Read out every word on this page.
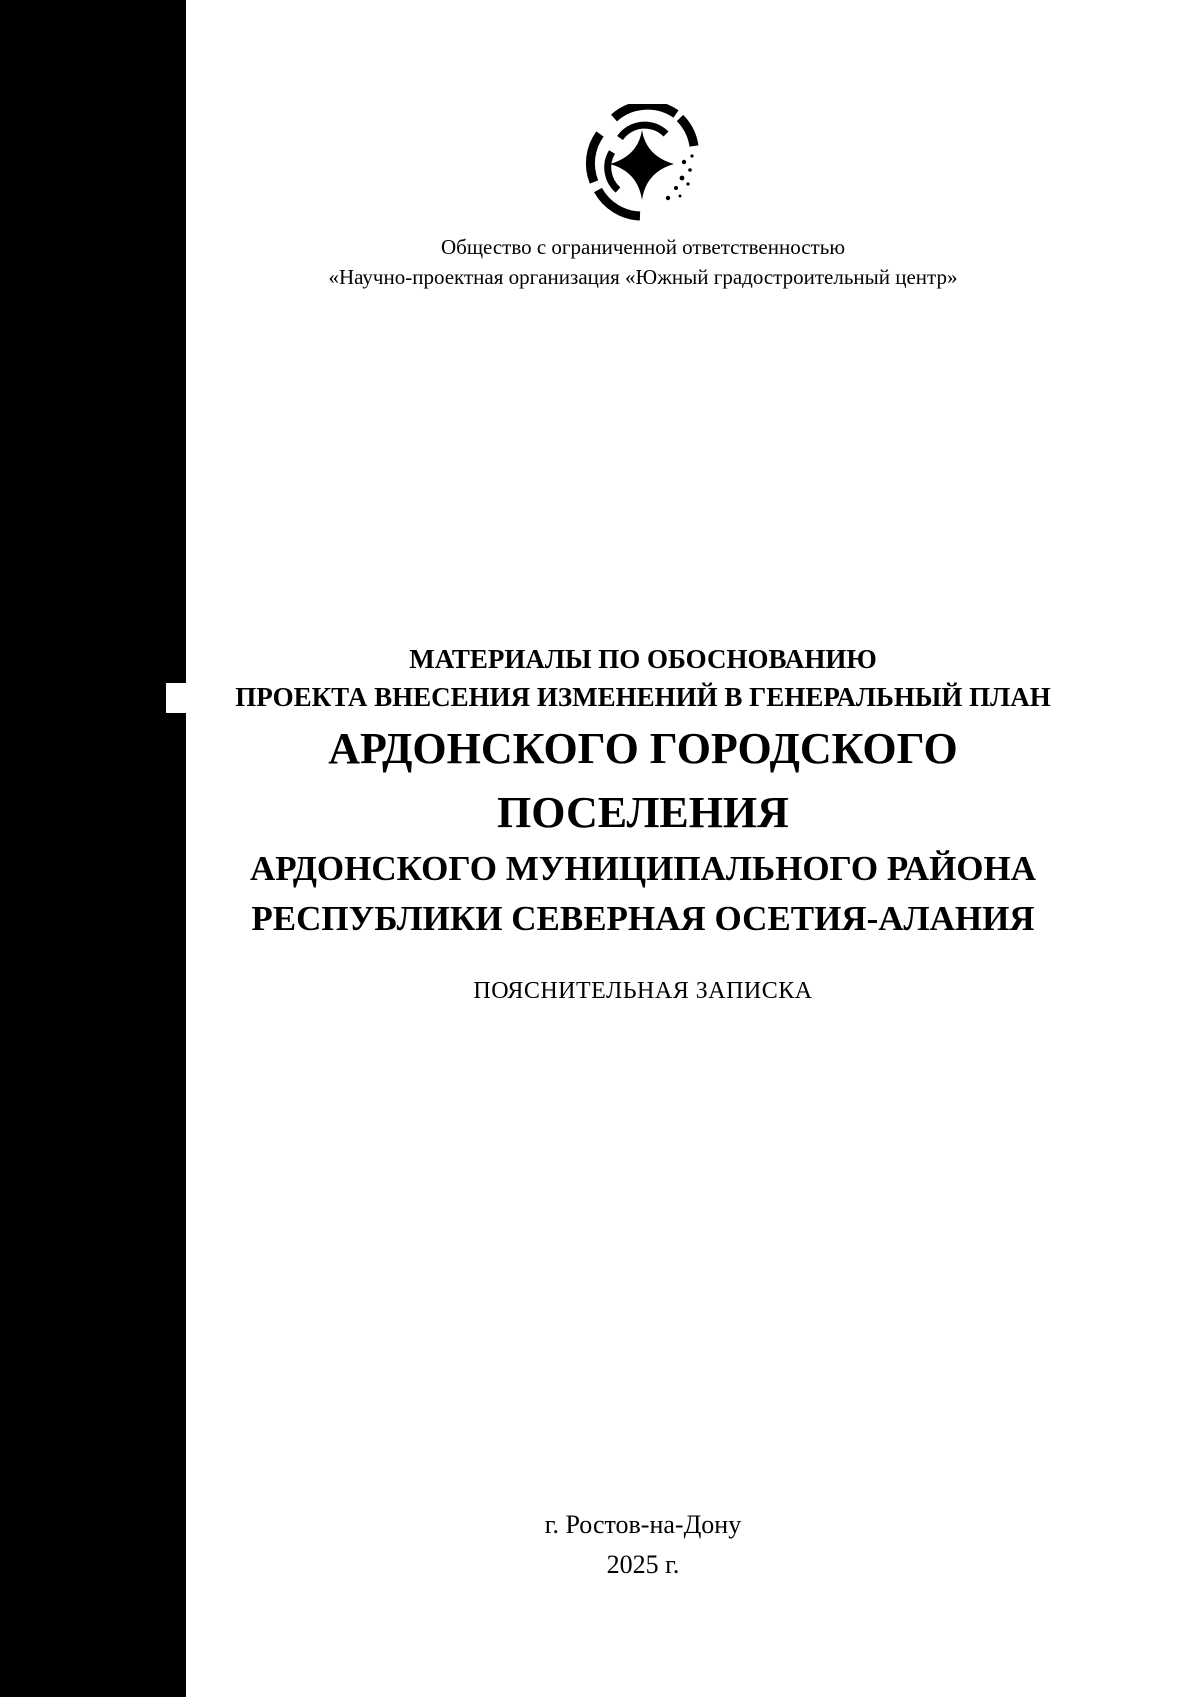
Общество с ограниченной ответственностью
«Научно-проектная организация «Южный градостроительный центр»
МАТЕРИАЛЫ ПО ОБОСНОВАНИЮ
ПРОЕКТА ВНЕСЕНИЯ ИЗМЕНЕНИЙ В ГЕНЕРАЛЬНЫЙ ПЛАН
АРДОНСКОГО ГОРОДСКОГО
ПОСЕЛЕНИЯ
АРДОНСКОГО МУНИЦИПАЛЬНОГО РАЙОНА
РЕСПУБЛИКИ СЕВЕРНАЯ ОСЕТИЯ-АЛАНИЯ
ПОЯСНИТЕЛЬНАЯ ЗАПИСКА
г. Ростов-на-Дону
2025 г.
